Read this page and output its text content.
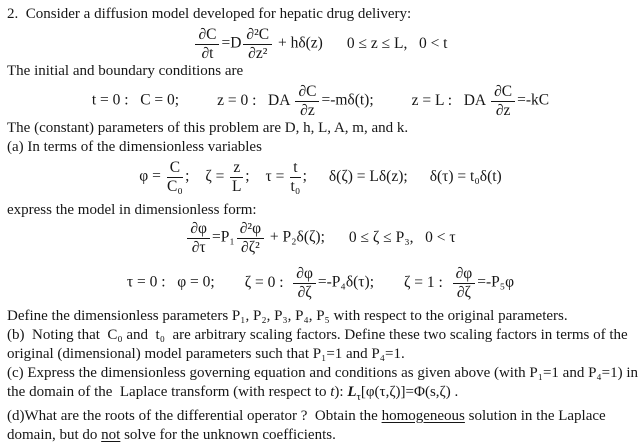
2.  Consider a diffusion model developed for hepatic drug delivery:
$\frac{\partial C}{\partial t} =D \frac{\text{∂²C}}{\text{∂z²}} + h\delta(z) 0 \le z \le L$,   0 < t
The initial and boundary conditions are
t = 0 :   C = 0; z = 0 :   DA $\frac{\partial C}{\partial z} =-m\delta(t)$; z = L :   DA $\frac{\partial C}{\partial z} =-kC$
The (constant) parameters of this problem are D, h, L, A, m, and k.
(a) In terms of the dimensionless variables
$\varphi = \frac{C}{\text{C₀}}$ ; $\zeta = \frac{z}{L}$ ; $\tau = \frac{t}{\text{t₀}}$ ; δ(ζ) = Lδ(z); δ(τ) = t₀δ(t)
express the model in dimensionless form:
$\frac{\partial\varphi}{\partial\tau} =P_1 \frac{\text{∂²φ}}{\text{∂ζ²}} + P_2\delta(\zeta)$; 0 ≤ ζ ≤ P₃,   0 < τ
τ = 0 :   φ = 0; ζ = 0 : $\frac{\partial\varphi}{\partial\zeta} =-P_4\delta(\tau)$; ζ = 1 : $\frac{\partial\varphi}{\partial\zeta} =-P_5\varphi$
Define the dimensionless parameters P₁, P₂, P₃, P₄, P₅ with respect to the original parameters.
(b)  Noting that  C₀ and  t₀  are arbitrary scaling factors. Define these two scaling factors in terms of the
original (dimensional) model parameters such that P₁=1 and P₄=1.
(c) Express the dimensionless governing equation and conditions as given above (with P₁=1 and P₄=1) in
the domain of the  Laplace transform (with respect to t): $L_\tau[\varphi(\tau,\zeta)]=\Phi(s,\zeta)$ .
(d)What are the roots of the differential operator ?  Obtain the homogeneous solution in the Laplace
domain, but do not solve for the unknown coefficients.
